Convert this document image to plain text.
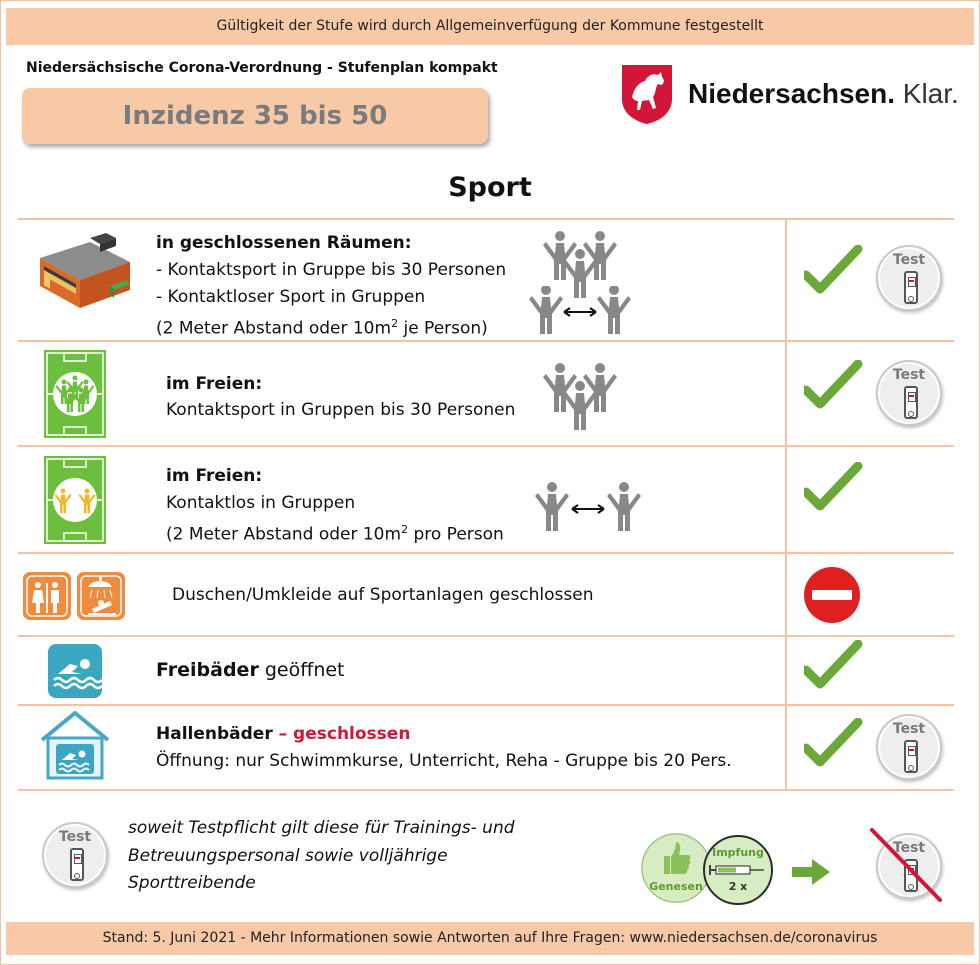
Gültigkeit der Stufe wird durch Allgemeinverfügung der Kommune festgestellt
Niedersächsische Corona-Verordnung - Stufenplan kompakt
Inzidenz 35 bis 50
Niedersachsen. Klar.
Sport
in geschlossenen Räumen:
- Kontaktsport in Gruppe bis 30 Personen
- Kontaktloser Sport in Gruppen
(2 Meter Abstand oder $10m^2$ je Person)
Test
im Freien:
Kontaktsport in Gruppen bis 30 Personen
Test
im Freien:
Kontaktlos in Gruppen
(2 Meter Abstand oder $10m^2$ pro Person
Duschen/Umkleide auf Sportanlagen geschlossen
Freibäder geöffnet
Hallenbäder – geschlossen
Öffnung: nur Schwimmkurse, Unterricht, Reha - Gruppe bis 20 Pers.
Test
Test	soweit Testpflicht gilt diese für Trainings- und
Betreuungspersonal sowie volljährige
Sporttreibende	Genesen
Impfung
2 x
Test
Stand: 5. Juni 2021 - Mehr Informationen sowie Antworten auf Ihre Fragen: www.niedersachsen.de/coronavirus
